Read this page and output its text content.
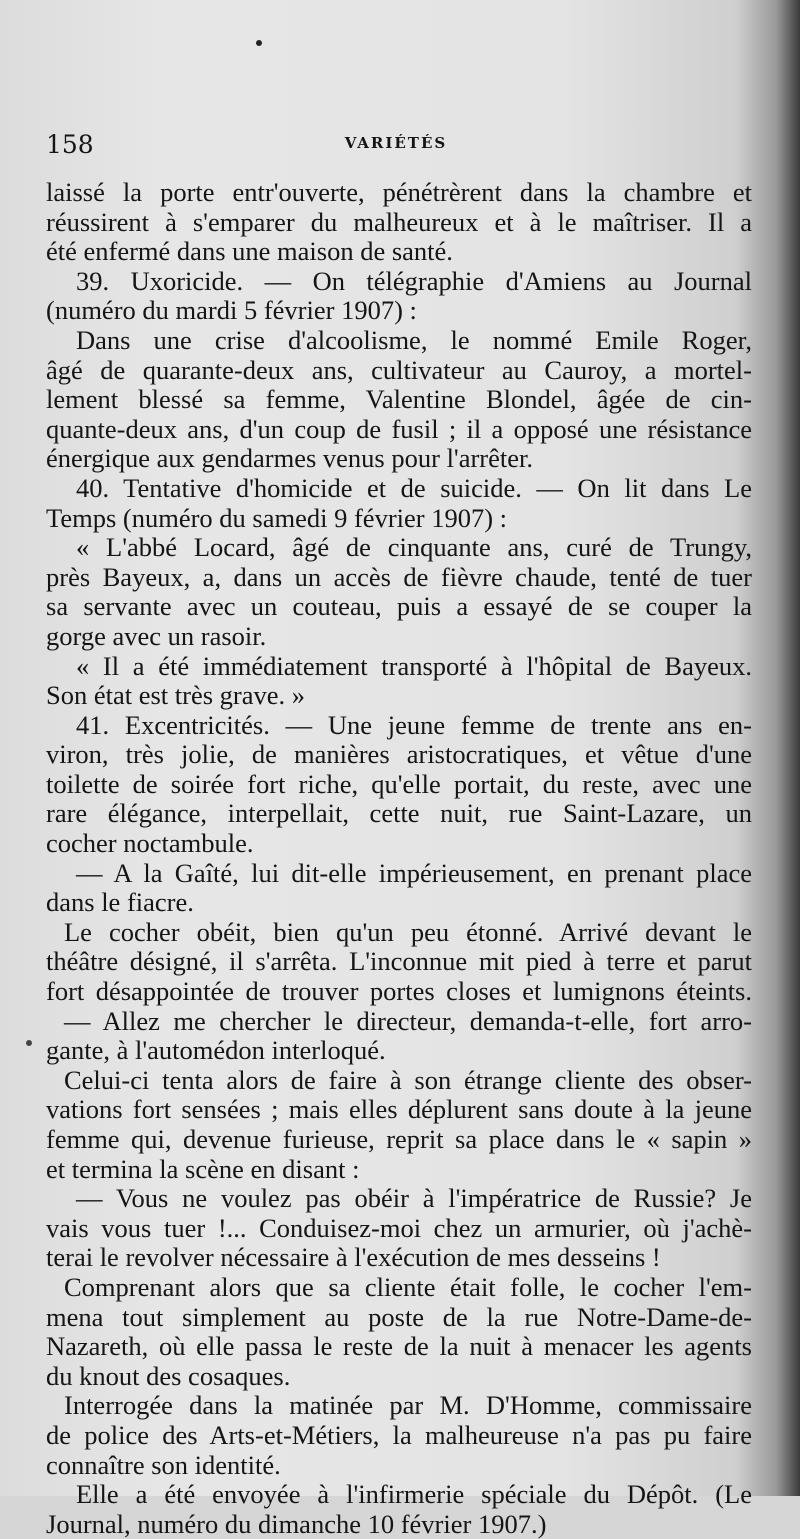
158	VARIÉTÉS
laissé la porte entr'ouverte, pénétrèrent dans la chambre et
réussirent à s'emparer du malheureux et à le maîtriser. Il a
été enfermé dans une maison de santé.
39. Uxoricide. — On télégraphie d'Amiens au Journal
(numéro du mardi 5 février 1907) :
Dans une crise d'alcoolisme, le nommé Emile Roger,
âgé de quarante-deux ans, cultivateur au Cauroy, a mortel-
lement blessé sa femme, Valentine Blondel, âgée de cin-
quante-deux ans, d'un coup de fusil ; il a opposé une résistance
énergique aux gendarmes venus pour l'arrêter.
40. Tentative d'homicide et de suicide. — On lit dans Le
Temps (numéro du samedi 9 février 1907) :
« L'abbé Locard, âgé de cinquante ans, curé de Trungy,
près Bayeux, a, dans un accès de fièvre chaude, tenté de tuer
sa servante avec un couteau, puis a essayé de se couper la
gorge avec un rasoir.
« Il a été immédiatement transporté à l'hôpital de Bayeux.
Son état est très grave. »
41. Excentricités. — Une jeune femme de trente ans en-
viron, très jolie, de manières aristocratiques, et vêtue d'une
toilette de soirée fort riche, qu'elle portait, du reste, avec une
rare élégance, interpellait, cette nuit, rue Saint-Lazare, un
cocher noctambule.
— A la Gaîté, lui dit-elle impérieusement, en prenant place
dans le fiacre.
Le cocher obéit, bien qu'un peu étonné. Arrivé devant le
théâtre désigné, il s'arrêta. L'inconnue mit pied à terre et parut
fort désappointée de trouver portes closes et lumignons éteints.
— Allez me chercher le directeur, demanda-t-elle, fort arro-
gante, à l'automédon interloqué.
Celui-ci tenta alors de faire à son étrange cliente des obser-
vations fort sensées ; mais elles déplurent sans doute à la jeune
femme qui, devenue furieuse, reprit sa place dans le « sapin »
et termina la scène en disant :
— Vous ne voulez pas obéir à l'impératrice de Russie? Je
vais vous tuer !... Conduisez-moi chez un armurier, où j'achè-
terai le revolver nécessaire à l'exécution de mes desseins !
Comprenant alors que sa cliente était folle, le cocher l'em-
mena tout simplement au poste de la rue Notre-Dame-de-
Nazareth, où elle passa le reste de la nuit à menacer les agents
du knout des cosaques.
Interrogée dans la matinée par M. D'Homme, commissaire
de police des Arts-et-Métiers, la malheureuse n'a pas pu faire
connaître son identité.
Elle a été envoyée à l'infirmerie spéciale du Dépôt. (Le
Journal, numéro du dimanche 10 février 1907.)
